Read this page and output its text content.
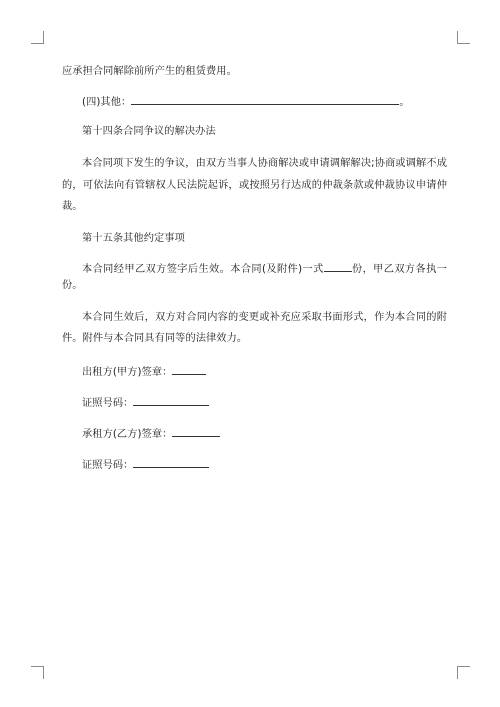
应承担合同解除前所产生的租赁费用。

(四)其他：	。

第十四条合同争议的解决办法

本合同项下发生的争议，由双方当事人协商解决或申请调解解决;协商或调解不成的，可依法向有管辖权人民法院起诉，或按照另行达成的仲裁条款或仲裁协议申请仲裁。

第十五条其他约定事项

本合同经甲乙双方签字后生效。本合同(及附件)一式	份，甲乙双方各执一份。

本合同生效后，双方对合同内容的变更或补充应采取书面形式，作为本合同的附件。附件与本合同具有同等的法律效力。

出租方(甲方)签章：

证照号码：

承租方(乙方)签章：

证照号码：
